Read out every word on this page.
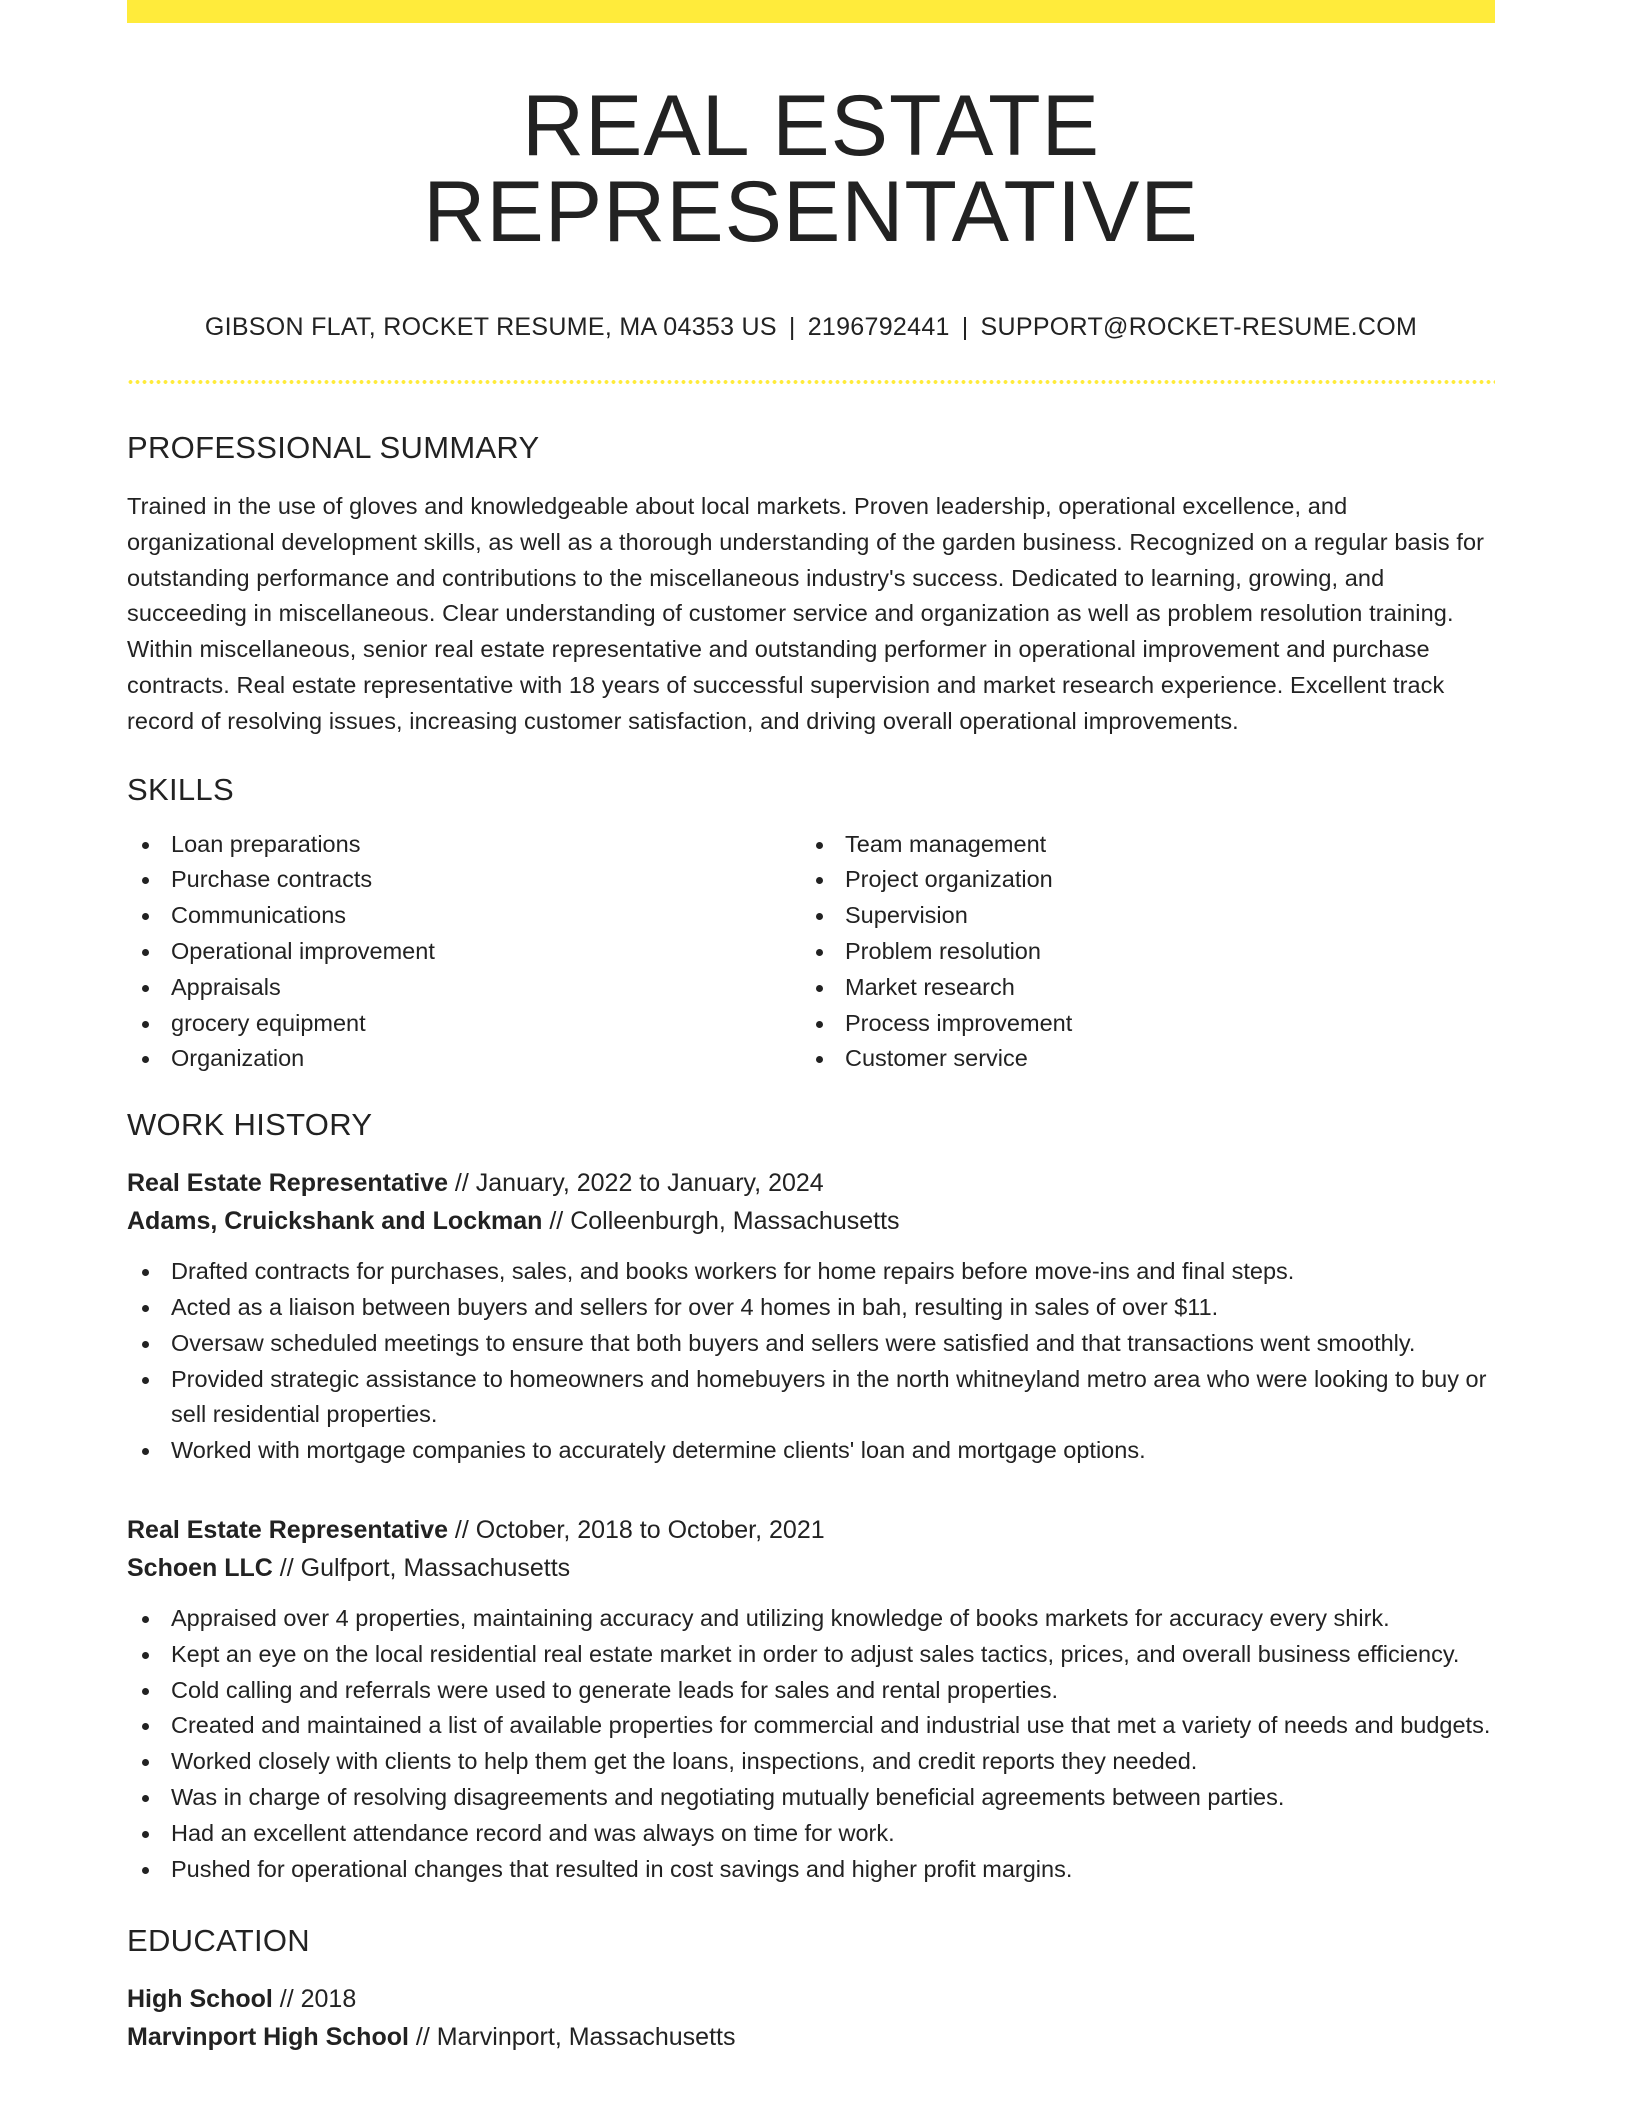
REAL ESTATE REPRESENTATIVE
GIBSON FLAT, ROCKET RESUME, MA 04353 US | 2196792441 | SUPPORT@ROCKET-RESUME.COM
PROFESSIONAL SUMMARY

Trained in the use of gloves and knowledgeable about local markets. Proven leadership, operational excellence, and organizational development skills, as well as a thorough understanding of the garden business. Recognized on a regular basis for outstanding performance and contributions to the miscellaneous industry's success. Dedicated to learning, growing, and succeeding in miscellaneous. Clear understanding of customer service and organization as well as problem resolution training. Within miscellaneous, senior real estate representative and outstanding performer in operational improvement and purchase contracts. Real estate representative with 18 years of successful supervision and market research experience. Excellent track record of resolving issues, increasing customer satisfaction, and driving overall operational improvements.

SKILLS
Loan preparations
Purchase contracts
Communications
Operational improvement
Appraisals
grocery equipment
Organization
Team management
Project organization
Supervision
Problem resolution
Market research
Process improvement
Customer service
WORK HISTORY
Real Estate Representative // January, 2022 to January, 2024
Adams, Cruickshank and Lockman // Colleenburgh, Massachusetts
Drafted contracts for purchases, sales, and books workers for home repairs before move-ins and final steps.
Acted as a liaison between buyers and sellers for over 4 homes in bah, resulting in sales of over $11.
Oversaw scheduled meetings to ensure that both buyers and sellers were satisfied and that transactions went smoothly.
Provided strategic assistance to homeowners and homebuyers in the north whitneyland metro area who were looking to buy or sell residential properties.
Worked with mortgage companies to accurately determine clients' loan and mortgage options.
Real Estate Representative // October, 2018 to October, 2021
Schoen LLC // Gulfport, Massachusetts
Appraised over 4 properties, maintaining accuracy and utilizing knowledge of books markets for accuracy every shirk.
Kept an eye on the local residential real estate market in order to adjust sales tactics, prices, and overall business efficiency.
Cold calling and referrals were used to generate leads for sales and rental properties.
Created and maintained a list of available properties for commercial and industrial use that met a variety of needs and budgets.
Worked closely with clients to help them get the loans, inspections, and credit reports they needed.
Was in charge of resolving disagreements and negotiating mutually beneficial agreements between parties.
Had an excellent attendance record and was always on time for work.
Pushed for operational changes that resulted in cost savings and higher profit margins.
EDUCATION
High School // 2018
Marvinport High School // Marvinport, Massachusetts
